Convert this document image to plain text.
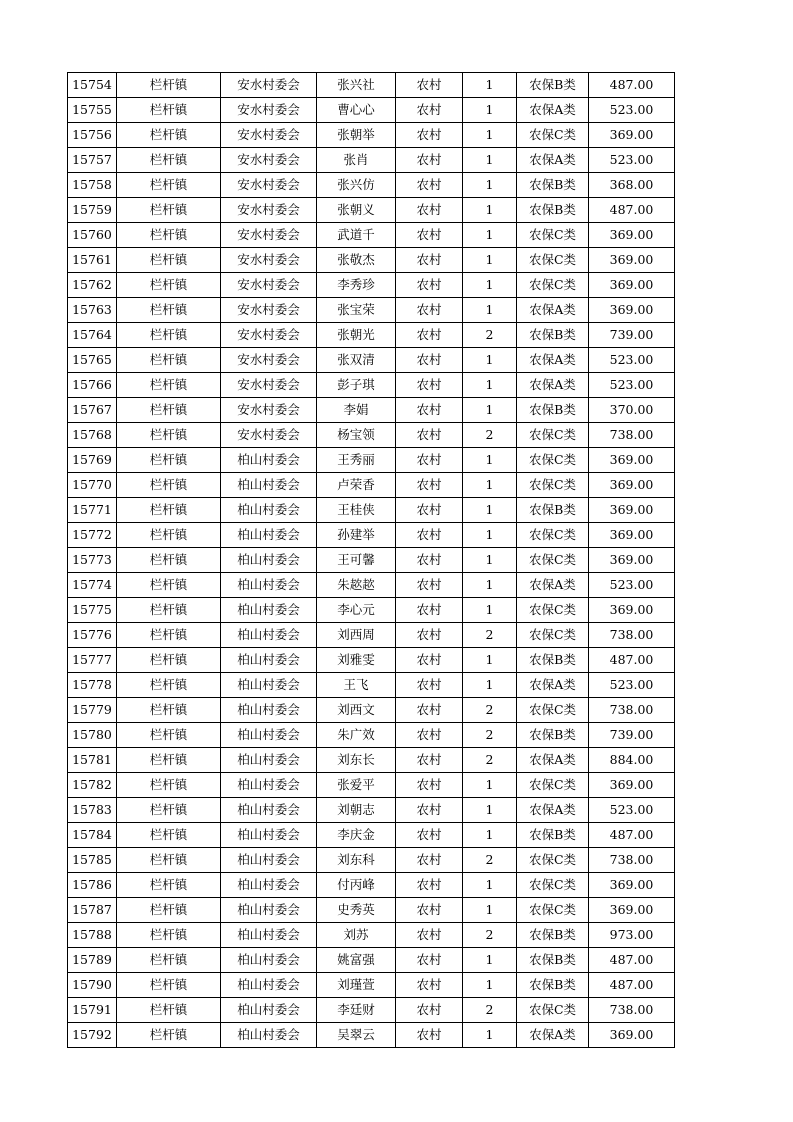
15754	栏杆镇	安水村委会	张兴社	农村	1	农保B类	487.00
15755	栏杆镇	安水村委会	曹心心	农村	1	农保A类	523.00
15756	栏杆镇	安水村委会	张朝举	农村	1	农保C类	369.00
15757	栏杆镇	安水村委会	张肖	农村	1	农保A类	523.00
15758	栏杆镇	安水村委会	张兴仿	农村	1	农保B类	368.00
15759	栏杆镇	安水村委会	张朝义	农村	1	农保B类	487.00
15760	栏杆镇	安水村委会	武道千	农村	1	农保C类	369.00
15761	栏杆镇	安水村委会	张敬杰	农村	1	农保C类	369.00
15762	栏杆镇	安水村委会	李秀珍	农村	1	农保C类	369.00
15763	栏杆镇	安水村委会	张宝荣	农村	1	农保A类	369.00
15764	栏杆镇	安水村委会	张朝光	农村	2	农保B类	739.00
15765	栏杆镇	安水村委会	张双清	农村	1	农保A类	523.00
15766	栏杆镇	安水村委会	彭子琪	农村	1	农保A类	523.00
15767	栏杆镇	安水村委会	李娟	农村	1	农保B类	370.00
15768	栏杆镇	安水村委会	杨宝领	农村	2	农保C类	738.00
15769	栏杆镇	柏山村委会	王秀丽	农村	1	农保C类	369.00
15770	栏杆镇	柏山村委会	卢荣香	农村	1	农保C类	369.00
15771	栏杆镇	柏山村委会	王桂侠	农村	1	农保B类	369.00
15772	栏杆镇	柏山村委会	孙建举	农村	1	农保C类	369.00
15773	栏杆镇	柏山村委会	王可馨	农村	1	农保C类	369.00
15774	栏杆镇	柏山村委会	朱趑趑	农村	1	农保A类	523.00
15775	栏杆镇	柏山村委会	李心元	农村	1	农保C类	369.00
15776	栏杆镇	柏山村委会	刘西周	农村	2	农保C类	738.00
15777	栏杆镇	柏山村委会	刘雅雯	农村	1	农保B类	487.00
15778	栏杆镇	柏山村委会	王飞	农村	1	农保A类	523.00
15779	栏杆镇	柏山村委会	刘西文	农村	2	农保C类	738.00
15780	栏杆镇	柏山村委会	朱广效	农村	2	农保B类	739.00
15781	栏杆镇	柏山村委会	刘东长	农村	2	农保A类	884.00
15782	栏杆镇	柏山村委会	张爱平	农村	1	农保C类	369.00
15783	栏杆镇	柏山村委会	刘朝志	农村	1	农保A类	523.00
15784	栏杆镇	柏山村委会	李庆金	农村	1	农保B类	487.00
15785	栏杆镇	柏山村委会	刘东科	农村	2	农保C类	738.00
15786	栏杆镇	柏山村委会	付丙峰	农村	1	农保C类	369.00
15787	栏杆镇	柏山村委会	史秀英	农村	1	农保C类	369.00
15788	栏杆镇	柏山村委会	刘苏	农村	2	农保B类	973.00
15789	栏杆镇	柏山村委会	姚富强	农村	1	农保B类	487.00
15790	栏杆镇	柏山村委会	刘瑾萱	农村	1	农保B类	487.00
15791	栏杆镇	柏山村委会	李廷财	农村	2	农保C类	738.00
15792	栏杆镇	柏山村委会	吴翠云	农村	1	农保A类	369.00
